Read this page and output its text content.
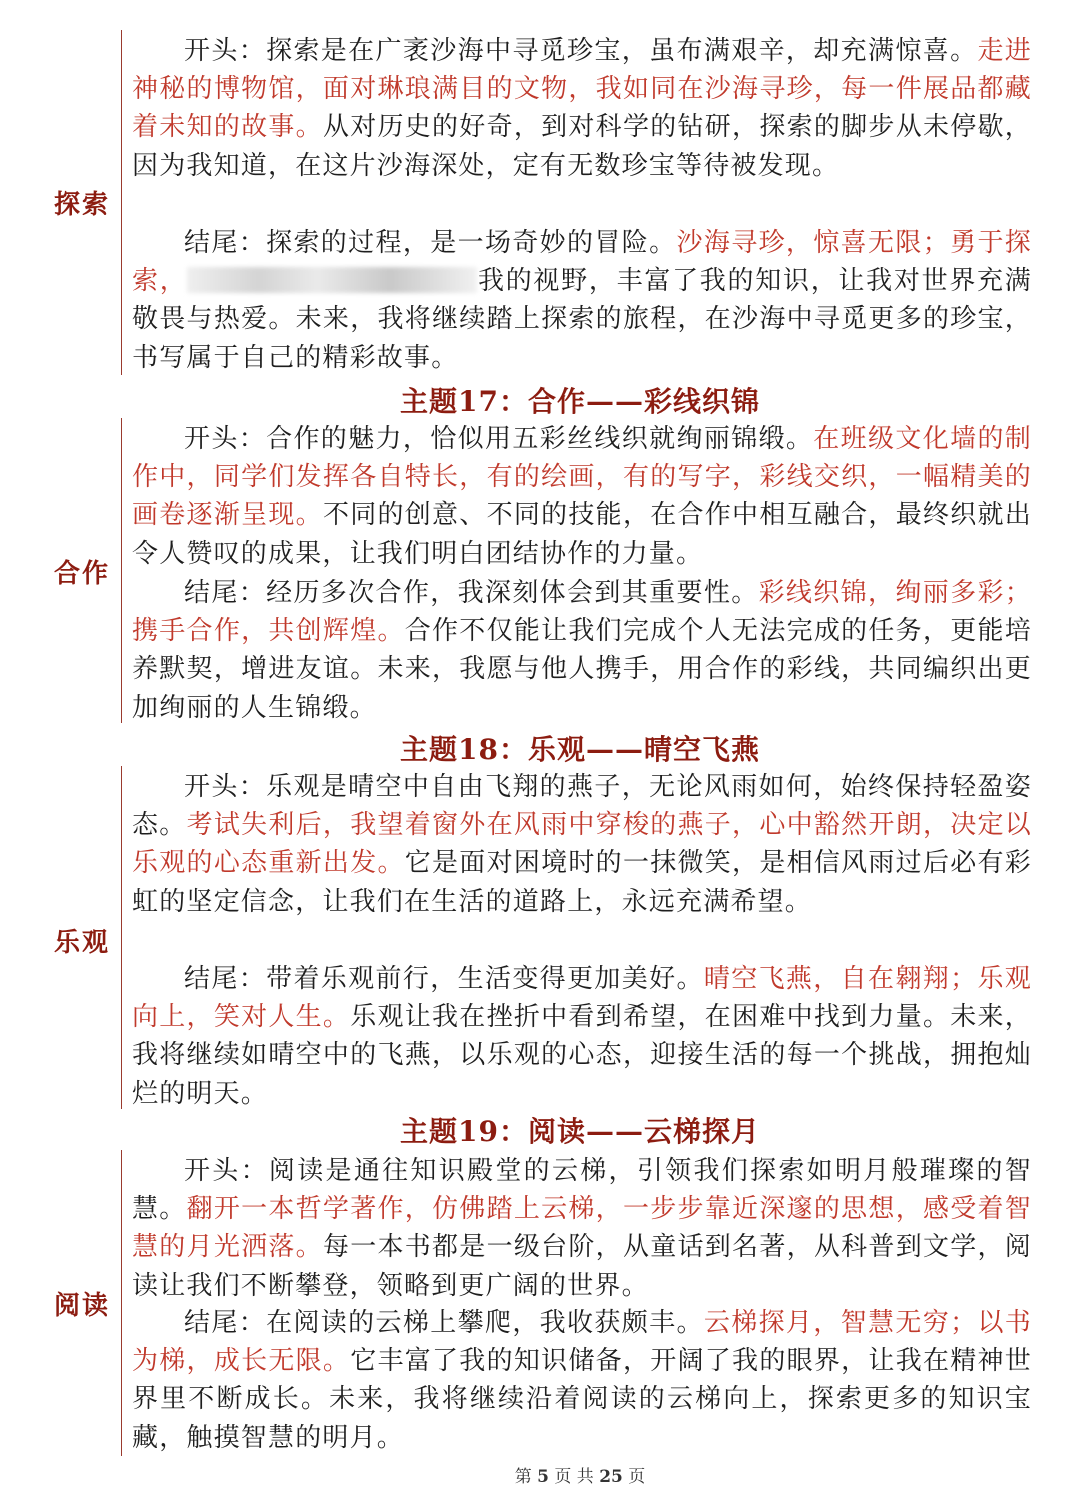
探索

开头：探索是在广袤沙海中寻觅珍宝，虽布满艰辛，却充满惊喜。走进神秘的博物馆，面对琳琅满目的文物，我如同在沙海寻珍，每一件展品都藏着未知的故事。从对历史的好奇，到对科学的钻研，探索的脚步从未停歇，因为我知道，在这片沙海深处，定有无数珍宝等待被发现。

结尾：探索的过程，是一场奇妙的冒险。沙海寻珍，惊喜无限；勇于探索，	我的视野，丰富了我的知识，让我对世界充满敬畏与热爱。未来，我将继续踏上探索的旅程，在沙海中寻觅更多的珍宝，书写属于自己的精彩故事。

主题17：合作——彩线织锦
合作

开头：合作的魅力，恰似用五彩丝线织就绚丽锦缎。在班级文化墙的制作中，同学们发挥各自特长，有的绘画，有的写字，彩线交织，一幅精美的画卷逐渐呈现。不同的创意、不同的技能，在合作中相互融合，最终织就出令人赞叹的成果，让我们明白团结协作的力量。

结尾：经历多次合作，我深刻体会到其重要性。彩线织锦，绚丽多彩；携手合作，共创辉煌。合作不仅能让我们完成个人无法完成的任务，更能培养默契，增进友谊。未来，我愿与他人携手，用合作的彩线，共同编织出更加绚丽的人生锦缎。

主题18：乐观——晴空飞燕
乐观

开头：乐观是晴空中自由飞翔的燕子，无论风雨如何，始终保持轻盈姿态。考试失利后，我望着窗外在风雨中穿梭的燕子，心中豁然开朗，决定以乐观的心态重新出发。它是面对困境时的一抹微笑，是相信风雨过后必有彩虹的坚定信念，让我们在生活的道路上，永远充满希望。

结尾：带着乐观前行，生活变得更加美好。晴空飞燕，自在翱翔；乐观向上，笑对人生。乐观让我在挫折中看到希望，在困难中找到力量。未来，我将继续如晴空中的飞燕，以乐观的心态，迎接生活的每一个挑战，拥抱灿烂的明天。

主题19：阅读——云梯探月
阅读

开头：阅读是通往知识殿堂的云梯，引领我们探索如明月般璀璨的智慧。翻开一本哲学著作，仿佛踏上云梯，一步步靠近深邃的思想，感受着智慧的月光洒落。每一本书都是一级台阶，从童话到名著，从科普到文学，阅读让我们不断攀登，领略到更广阔的世界。

结尾：在阅读的云梯上攀爬，我收获颇丰。云梯探月，智慧无穷；以书为梯，成长无限。它丰富了我的知识储备，开阔了我的眼界，让我在精神世界里不断成长。未来，我将继续沿着阅读的云梯向上，探索更多的知识宝藏，触摸智慧的明月。

第 5 页 共 25 页
